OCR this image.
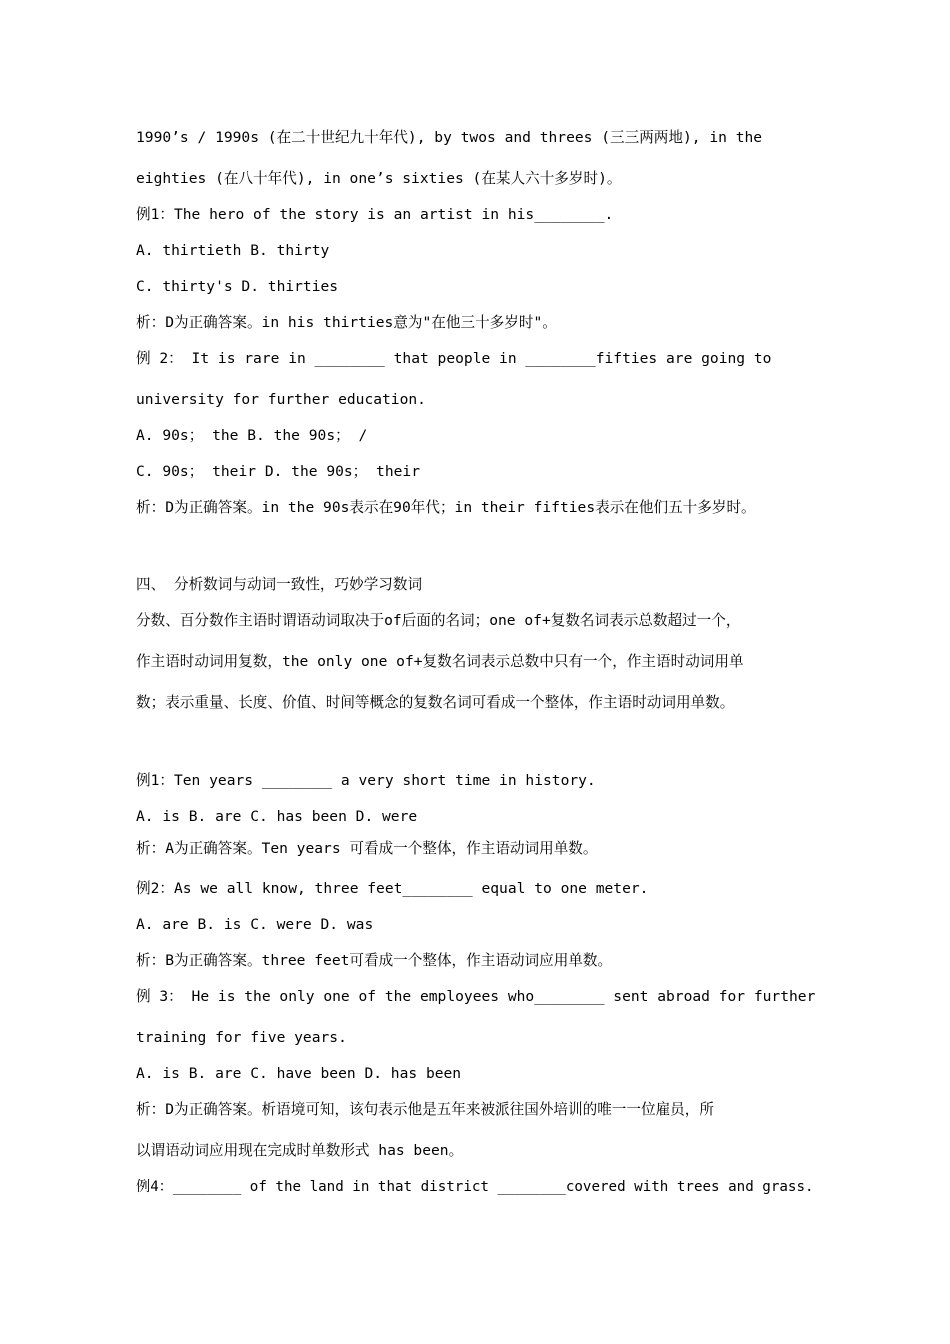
1990’s / 1990s (在二十世纪九十年代), by twos and threes (三三两两地), in the
eighties (在八十年代), in one’s sixties (在某人六十多岁时)。
例1：The hero of the story is an artist in his________.
A. thirtieth B. thirty
C. thirty's D. thirties
析：D为正确答案。in his thirties意为"在他三十多岁时"。
例 2： It is rare in ________ that people in ________fifties are going to
university for further education.
A. 90s； the B. the 90s； /
C. 90s； their D. the 90s； their
析：D为正确答案。in the 90s表示在90年代；in their fifties表示在他们五十多岁时。
四、 分析数词与动词一致性，巧妙学习数词
分数、百分数作主语时谓语动词取决于of后面的名词；one of+复数名词表示总数超过一个，
作主语时动词用复数，the only one of+复数名词表示总数中只有一个，作主语时动词用单
数；表示重量、长度、价值、时间等概念的复数名词可看成一个整体，作主语时动词用单数。
例1：Ten years ________ a very short time in history.
A. is B. are C. has been D. were
析：A为正确答案。Ten years 可看成一个整体，作主语动词用单数。
例2：As we all know, three feet________ equal to one meter.
A. are B. is C. were D. was
析：B为正确答案。three feet可看成一个整体，作主语动词应用单数。
例 3： He is the only one of the employees who________ sent abroad for further
training for five years.
A. is B. are C. have been D. has been
析：D为正确答案。析语境可知，该句表示他是五年来被派往国外培训的唯一一位雇员，所
以谓语动词应用现在完成时单数形式 has been。
例4：________ of the land in that district ________covered with trees and grass.
